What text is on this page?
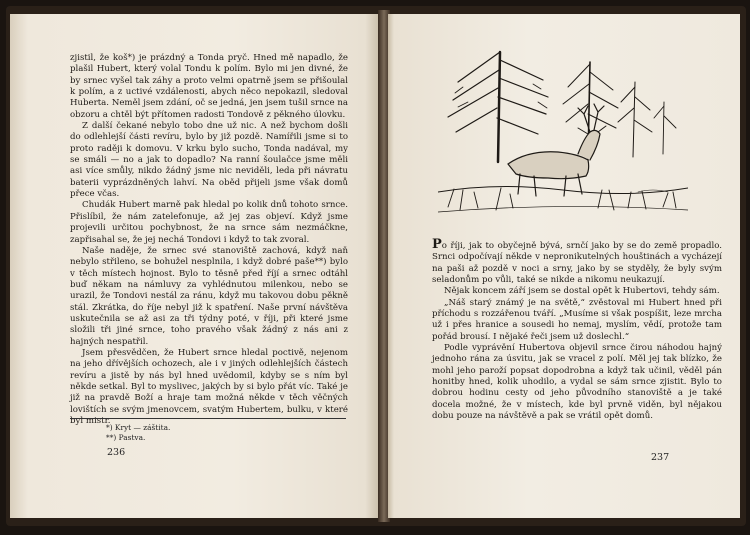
zjistil, že koš*) je prázdný a Tonda pryč. Hned mě napadlo, že plašil Hubert, který volal Tondu k polím. Bylo mi jen divné, že by srnec vyšel tak záhy a proto velmi opatrně jsem se přišoulal k polím, a z uctivé vzdálenosti, abych něco nepokazil, sledoval Huberta. Neměl jsem zdání, oč se jedná, jen jsem tušil srnce na obzoru a chtěl být přítomen radosti Tondově z pěkného úlovku.

Z další čekané nebylo tobo dne už nic. A než bychom došli do odlehlejší části revíru, bylo by již pozdě. Namířili jsme si to proto raději k domovu. V krku bylo sucho, Tonda nadával, my se smáli — no a jak to dopadlo? Na ranní šoulačce jsme měli asi více smůly, nikdo žádný jsme nic neviděli, leda při návratu baterii vyprázdněných lahví. Na oběd přijeli jsme však domů přece včas.

Chudák Hubert marně pak hledal po kolik dnů tohoto srnce. Přislíbil, že nám zatelefonuje, až jej zas objeví. Když jsme projevili určitou pochybnost, že na srnce sám nezmáčkne, zapřisahal se, že jej nechá Tondovi i když to tak zvoral.

Naše naděje, že srnec své stanoviště zachová, když naň nebylo střileno, se bohužel nesplnila, i když dobré paše**) bylo v těch místech hojnost. Bylo to těsně před říjí a srnec odtáhl buď někam na námluvy za vyhlédnutou milenkou, nebo se urazil, že Tondovi nestál za ránu, když mu takovou dobu pěkně stál. Zkrátka, do říje nebyl již k spatření. Naše první návštěva uskutečnila se až asi za tři týdny poté, v říji, při které jsme složili tři jiné srnce, toho pravého však žádný z nás ani z hajných nespatřil.

Jsem přesvědčen, že Hubert srnce hledal poctivě, nejenom na jeho dřívějších ochozech, ale i v jiných odlehlejších částech revíru a jistě by nás byl hned uvědomil, kdyby se s ním byl někde setkal. Byl to myslivec, jakých by si bylo přát víc. Také je již na pravdě Boží a hraje tam možná někde v těch věčných lovištích se svým jmenovcem, svatým Hubertem, bulku, v které byl mistr.

*) Kryt — záštita.
**) Pastva.
236

Po říji, jak to obyčejně bývá, srnčí jako by se do země propadlo. Srnci odpočívají někde v nepronikutelných houštinách a vycházejí na paši až pozdě v noci a srny, jako by se styděly, že byly svým seladonům po vůli, také se nikde a nikomu neukazují.

Nějak koncem září jsem se dostal opět k Hubertovi, tehdy sám.

„Náš starý známý je na světě,“ zvěstoval mi Hubert hned při příchodu s rozzářenou tváří. „Musíme si však pospíšit, leze mrcha už i přes hranice a sousedi ho nemaj, myslím, vědí, protože tam pořád brousí. I nějaké řeči jsem už doslechl.“

Podle vyprávění Hubertova objevil srnce čirou náhodou hajný jednoho rána za úsvitu, jak se vracel z polí. Měl jej tak blízko, že mohl jeho paroží popsat dopodrobna a když tak učinil, věděl pán honitby hned, kolik uhodilo, a vydal se sám srnce zjistit. Bylo to dobrou hodinu cesty od jeho původního stanoviště a je také docela možné, že v místech, kde byl prvně viděn, byl nějakou dobu pouze na návštěvě a pak se vrátil opět domů.

237
